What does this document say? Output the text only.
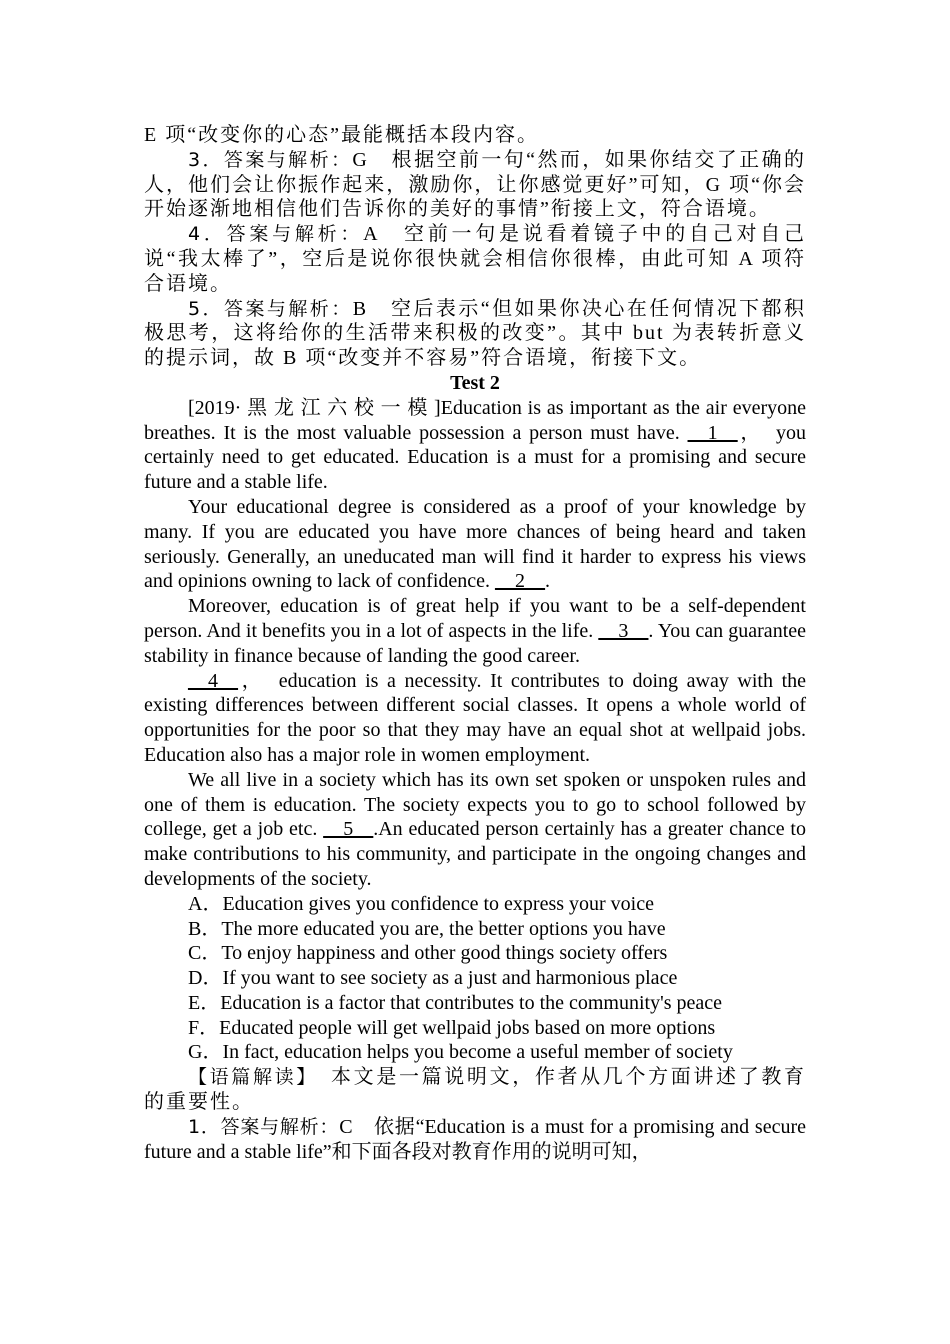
E 项“改变你的心态”最能概括本段内容。

3．答案与解析：G　根据空前一句“然而，如果你结交了正确的人，他们会让你振作起来，激励你，让你感觉更好”可知，G 项“你会开始逐渐地相信他们告诉你的美好的事情”衔接上文，符合语境。

4．答案与解析：A　空前一句是说看着镜子中的自己对自己说“我太棒了”，空后是说你很快就会相信你很棒，由此可知 A 项符合语境。

5．答案与解析：B　空后表示“但如果你决心在任何情况下都积极思考，这将给你的生活带来积极的改变”。其中 but 为表转折意义的提示词，故 B 项“改变并不容易”符合语境，衔接下文。

Test 2

[2019· 黑 龙 江 六 校 一 模 ]Education is as important as the air everyone breathes. It is the most valuable possession a person must have. __1__，　you certainly need to get educated. Education is a must for a promising and secure future and a stable life.

Your educational degree is considered as a proof of your knowledge by many. If you are educated you have more chances of being heard and taken seriously. Generally, an uneducated man will find it harder to express his views and opinions owning to lack of confidence. __2__.

Moreover, education is of great help if you want to be a self-dependent person. And it benefits you in a lot of aspects in the life. __3__. You can guarantee stability in finance because of landing the good career.

__4__，　education is a necessity. It contributes to doing away with the existing differences between different social classes. It opens a whole world of opportunities for the poor so that they may have an equal shot at wellpaid jobs. Education also has a major role in women employment.

We all live in a society which has its own set spoken or unspoken rules and one of them is education. The society expects you to go to school followed by college, get a job etc. __5__.An educated person certainly has a greater chance to make contributions to his community, and participate in the ongoing changes and developments of the society.

A．Education gives you confidence to express your voice

B．The more educated you are, the better options you have

C．To enjoy happiness and other good things society offers

D．If you want to see society as a just and harmonious place

E．Education is a factor that contributes to the community's peace

F．Educated people will get wellpaid jobs based on more options

G．In fact, education helps you become a useful member of society

【语篇解读】　本文是一篇说明文，作者从几个方面讲述了教育的重要性。

1．答案与解析：C　依据“Education is a must for a promising and secure future and a stable life”和下面各段对教育作用的说明可知，
